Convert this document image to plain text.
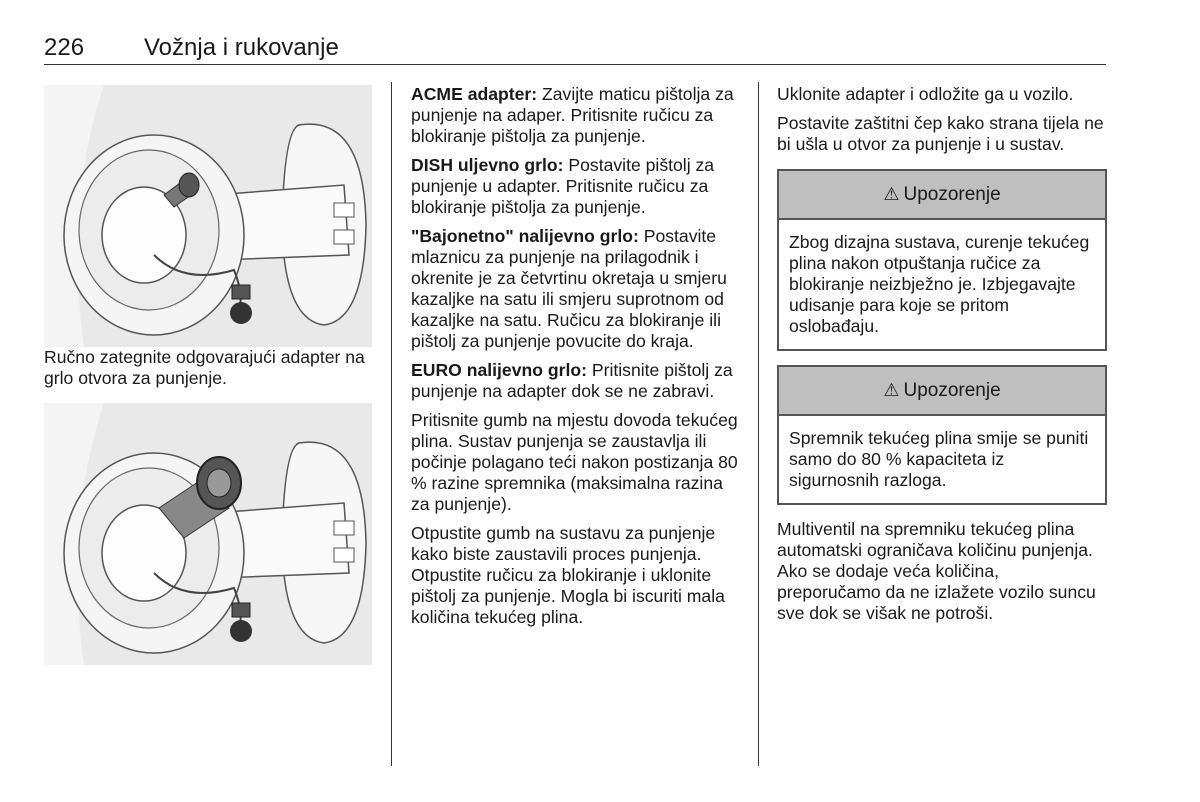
226 Vožnja i rukovanje

Ručno zategnite odgovarajući adapter na grlo otvora za punjenje.

ACME adapter: Zavijte maticu pištolja za punjenje na adaper. Pritisnite ručicu za blokiranje pištolja za punjenje.

DISH uljevno grlo: Postavite pištolj za punjenje u adapter. Pritisnite ručicu za blokiranje pištolja za punjenje.

"Bajonetno" nalijevno grlo: Postavite mlaznicu za punjenje na prilagodnik i okrenite je za četvrtinu okretaja u smjeru kazaljke na satu ili smjeru suprotnom od kazaljke na satu. Ručicu za blokiranje ili pištolj za punjenje povucite do kraja.

EURO nalijevno grlo: Pritisnite pištolj za punjenje na adapter dok se ne zabravi.

Pritisnite gumb na mjestu dovoda tekućeg plina. Sustav punjenja se zaustavlja ili počinje polagano teći nakon postizanja 80 % razine spremnika (maksimalna razina za punjenje).

Otpustite gumb na sustavu za punjenje kako biste zaustavili proces punjenja. Otpustite ručicu za blokiranje i uklonite pištolj za punjenje. Mogla bi iscuriti mala količina tekućeg plina.

Uklonite adapter i odložite ga u vozilo.

Postavite zaštitni čep kako strana tijela ne bi ušla u otvor za punjenje i u sustav.

⚠ Upozorenje
Zbog dizajna sustava, curenje tekućeg plina nakon otpuštanja ručice za blokiranje neizbježno je. Izbjegavajte udisanje para koje se pritom oslobađaju.
⚠ Upozorenje
Spremnik tekućeg plina smije se puniti samo do 80 % kapaciteta iz sigurnosnih razloga.

Multiventil na spremniku tekućeg plina automatski ograničava količinu punjenja. Ako se dodaje veća količina, preporučamo da ne izlažete vozilo suncu sve dok se višak ne potroši.
